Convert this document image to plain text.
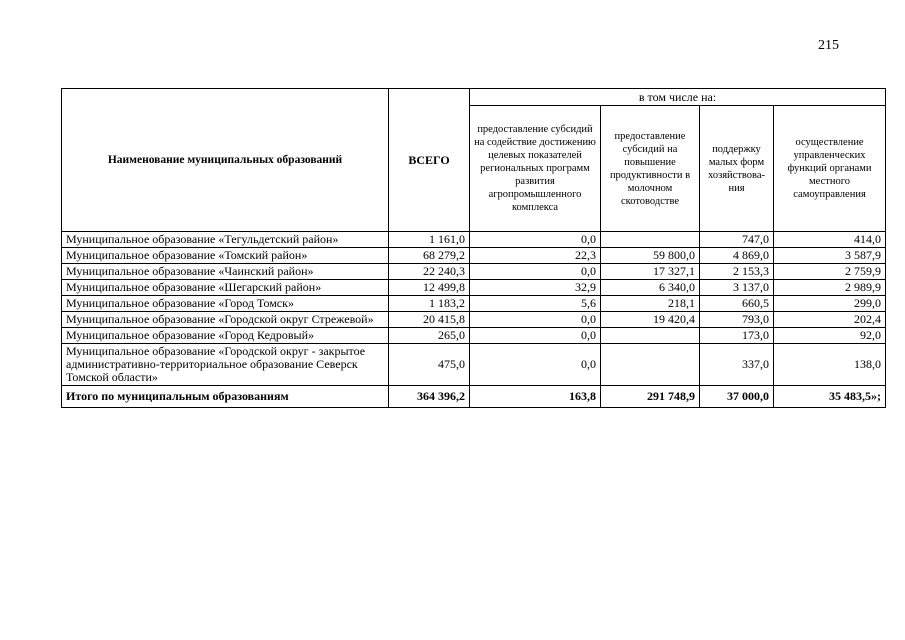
215
Наименование муниципальных образований	ВСЕГО	в том числе на:			
		предоставление субсидий на содействие достижению целевых показателей региональных программ развития агропромышленного комплекса	предоставление субсидий на повышение продуктивности в молочном скотоводстве	поддержку малых форм хозяйствова-ния	осуществление управленческих функций органами местного самоуправления
Муниципальное образование «Тегульдетский район»	1 161,0	0,0		747,0	414,0
Муниципальное образование «Томский район»	68 279,2	22,3	59 800,0	4 869,0	3 587,9
Муниципальное образование «Чаинский район»	22 240,3	0,0	17 327,1	2 153,3	2 759,9
Муниципальное образование «Шегарский район»	12 499,8	32,9	6 340,0	3 137,0	2 989,9
Муниципальное образование «Город Томск»	1 183,2	5,6	218,1	660,5	299,0
Муниципальное образование «Городской округ Стрежевой»	20 415,8	0,0	19 420,4	793,0	202,4
Муниципальное образование «Город Кедровый»	265,0	0,0		173,0	92,0
Муниципальное образование «Городской округ - закрытое административно-территориальное образование Северск Томской области»	475,0	0,0		337,0	138,0
Итого по муниципальным образованиям	364 396,2	163,8	291 748,9	37 000,0	35 483,5»;
